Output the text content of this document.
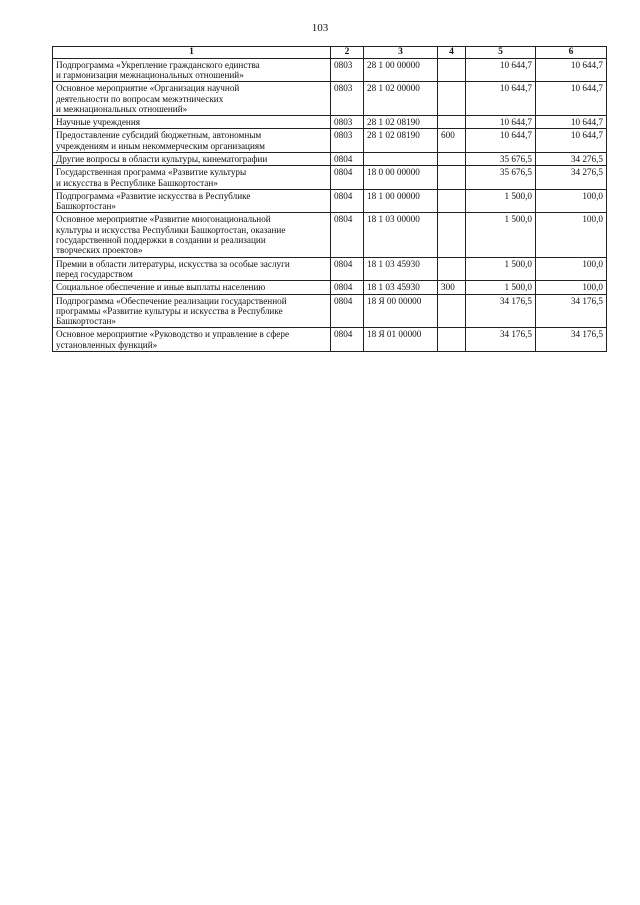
103
1	2	3	4	5	6
Подпрограмма «Укрепление гражданского единства
и гармонизация межнациональных отношений»	0803	28 1 00 00000		10 644,7	10 644,7
Основное мероприятие «Организация научной
деятельности по вопросам межэтнических
и межнациональных отношений»	0803	28 1 02 00000		10 644,7	10 644,7
Научные учреждения	0803	28 1 02 08190		10 644,7	10 644,7
Предоставление субсидий бюджетным, автономным
учреждениям и иным некоммерческим организациям	0803	28 1 02 08190	600	10 644,7	10 644,7
Другие вопросы в области культуры, кинематографии	0804			35 676,5	34 276,5
Государственная программа «Развитие культуры
и искусства в Республике Башкортостан»	0804	18 0 00 00000		35 676,5	34 276,5
Подпрограмма «Развитие искусства в Республике
Башкортостан»	0804	18 1 00 00000		1 500,0	100,0
Основное мероприятие «Развитие многонациональной
культуры и искусства Республики Башкортостан, оказание
государственной поддержки в создании и реализации
творческих проектов»	0804	18 1 03 00000		1 500,0	100,0
Премии в области литературы, искусства за особые заслуги
перед государством	0804	18 1 03 45930		1 500,0	100,0
Социальное обеспечение и иные выплаты населению	0804	18 1 03 45930	300	1 500,0	100,0
Подпрограмма «Обеспечение реализации государственной
программы «Развитие культуры и искусства в Республике
Башкортостан»	0804	18 Я 00 00000		34 176,5	34 176,5
Основное мероприятие «Руководство и управление в сфере
установленных функций»	0804	18 Я 01 00000		34 176,5	34 176,5
